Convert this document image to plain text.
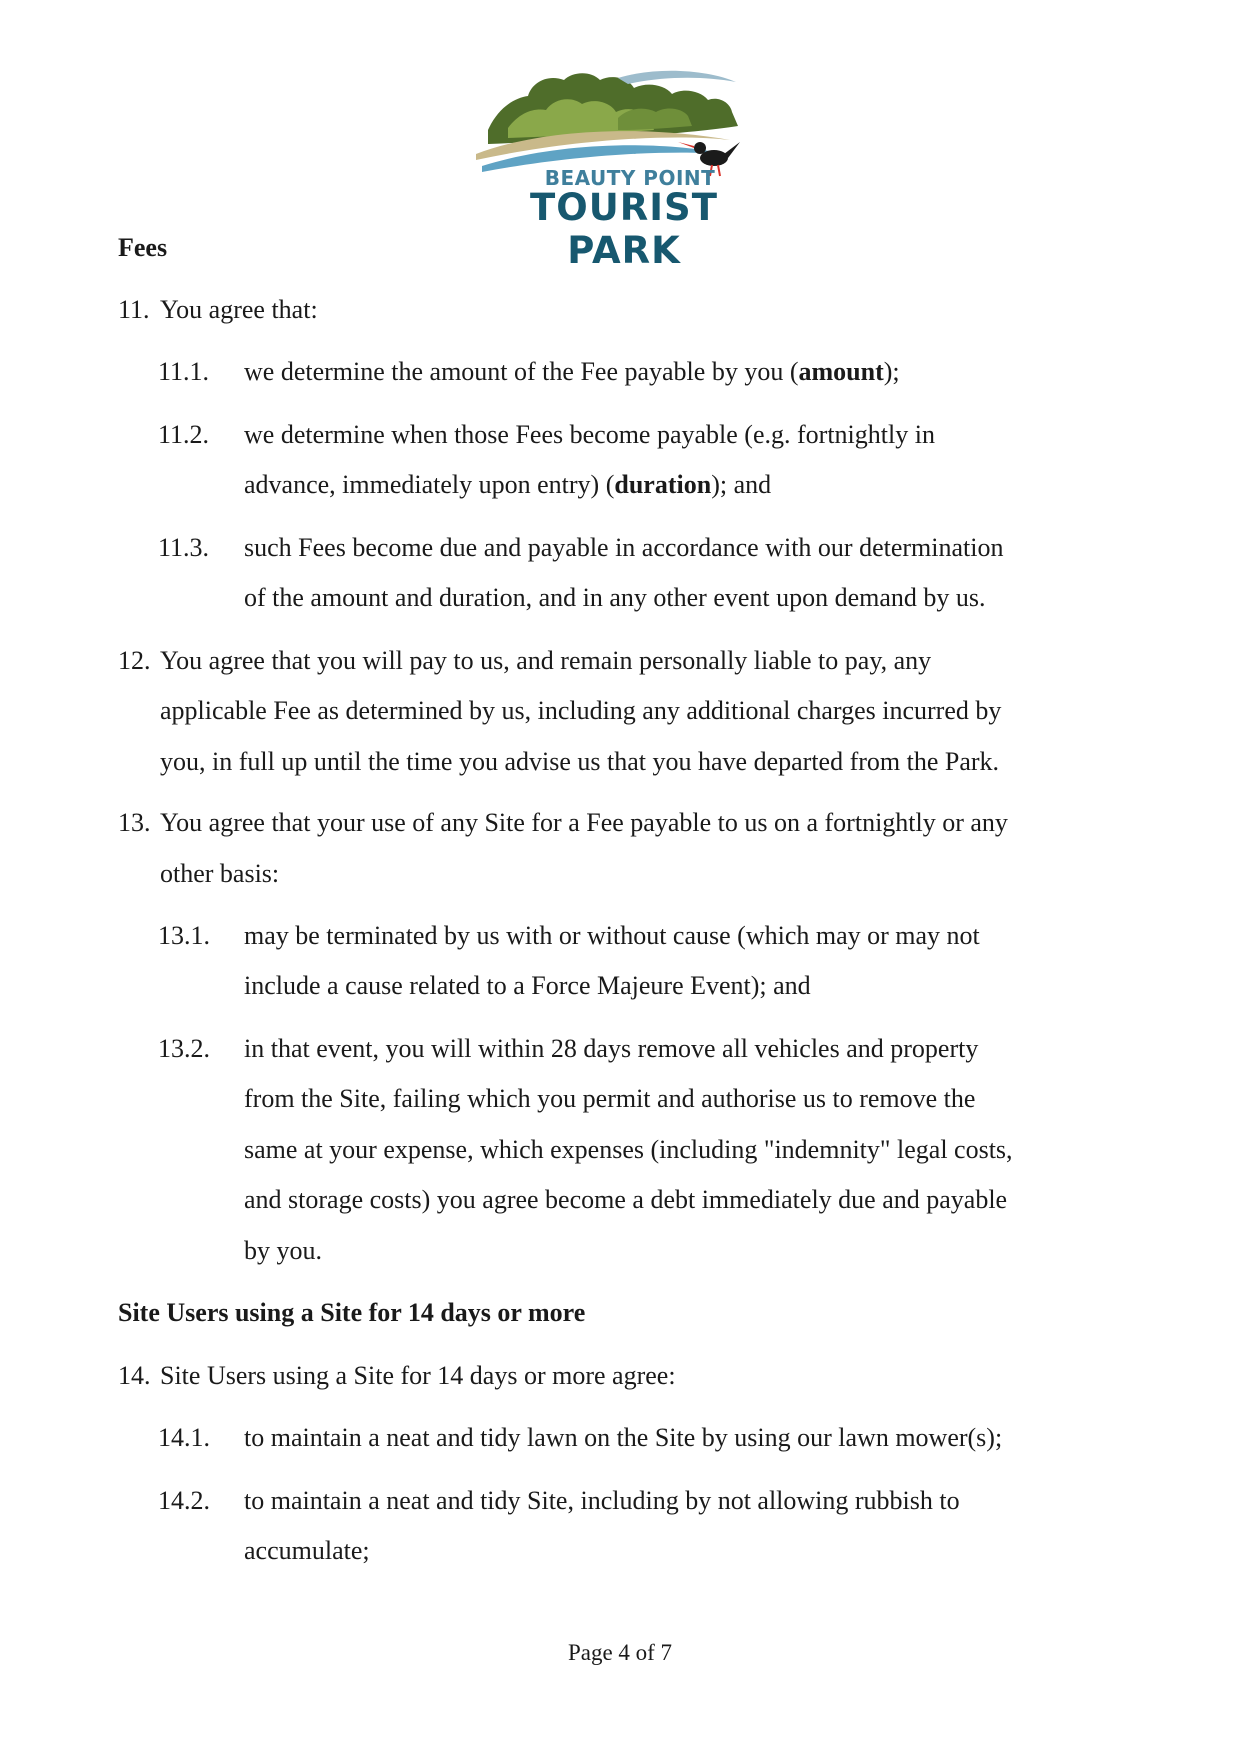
BEAUTY POINT
TOURIST PARK
Fees
11. You agree that:
11.1. we determine the amount of the Fee payable by you (amount);
11.2. we determine when those Fees become payable (e.g. fortnightly in
advance, immediately upon entry) (duration); and
11.3. such Fees become due and payable in accordance with our determination
of the amount and duration, and in any other event upon demand by us.
12. You agree that you will pay to us, and remain personally liable to pay, any
applicable Fee as determined by us, including any additional charges incurred by
you, in full up until the time you advise us that you have departed from the Park.
13. You agree that your use of any Site for a Fee payable to us on a fortnightly or any
other basis:
13.1. may be terminated by us with or without cause (which may or may not
include a cause related to a Force Majeure Event); and
13.2. in that event, you will within 28 days remove all vehicles and property
from the Site, failing which you permit and authorise us to remove the
same at your expense, which expenses (including "indemnity" legal costs,
and storage costs) you agree become a debt immediately due and payable
by you.
Site Users using a Site for 14 days or more
14. Site Users using a Site for 14 days or more agree:
14.1. to maintain a neat and tidy lawn on the Site by using our lawn mower(s);
14.2. to maintain a neat and tidy Site, including by not allowing rubbish to
accumulate;
Page 4 of 7
